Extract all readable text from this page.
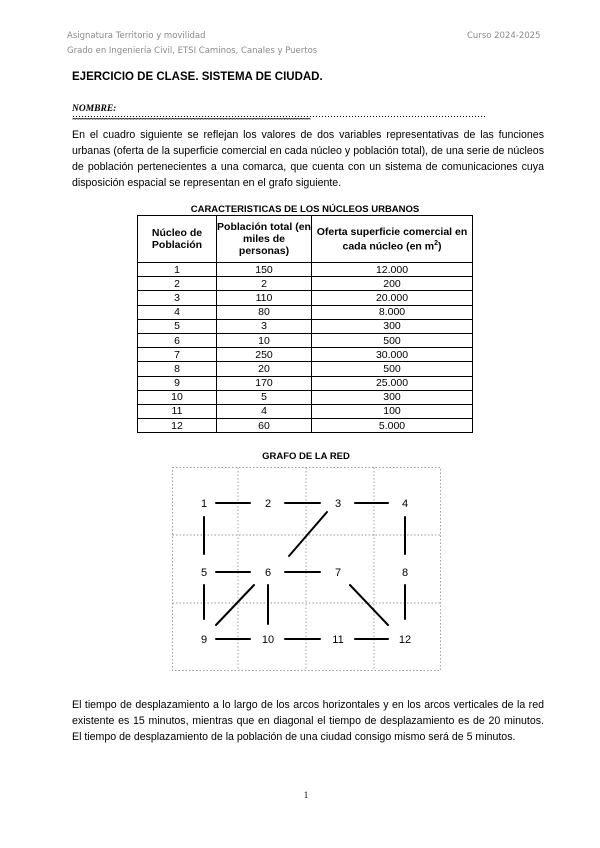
Asignatura Territorio y movilidad
Grado en Ingeniería Civil, ETSI Caminos, Canales y Puertos
Curso 2024-2025
EJERCICIO DE CLASE. SISTEMA DE CIUDAD.
NOMBRE:
************************************************************************************************************************************************************
En el cuadro siguiente se reflejan los valores de dos variables representativas de las funciones urbanas (oferta de la superficie comercial en cada núcleo y población total), de una serie de núcleos de población pertenecientes a una comarca, que cuenta con un sistema de comunicaciones cuya disposición espacial se representan en el grafo siguiente.
CARACTERISTICAS DE LOS NÚCLEOS URBANOS
Núcleo de Población	Población total (en miles de personas)	Oferta superficie comercial en cada núcleo (en $m^2$)
1	150	12.000
2	2	200
3	110	20.000
4	80	8.000
5	3	300
6	10	500
7	250	30.000
8	20	500
9	170	25.000
10	5	300
11	4	100
12	60	5.000
GRAFO DE LA RED
1	2	3	4
5	6	7	8
9	10	11	12
El tiempo de desplazamiento a lo largo de los arcos horizontales y en los arcos verticales de la red existente es 15 minutos, mientras que en diagonal el tiempo de desplazamiento es de 20 minutos. El tiempo de desplazamiento de la población de una ciudad consigo mismo será de 5 minutos.
1
